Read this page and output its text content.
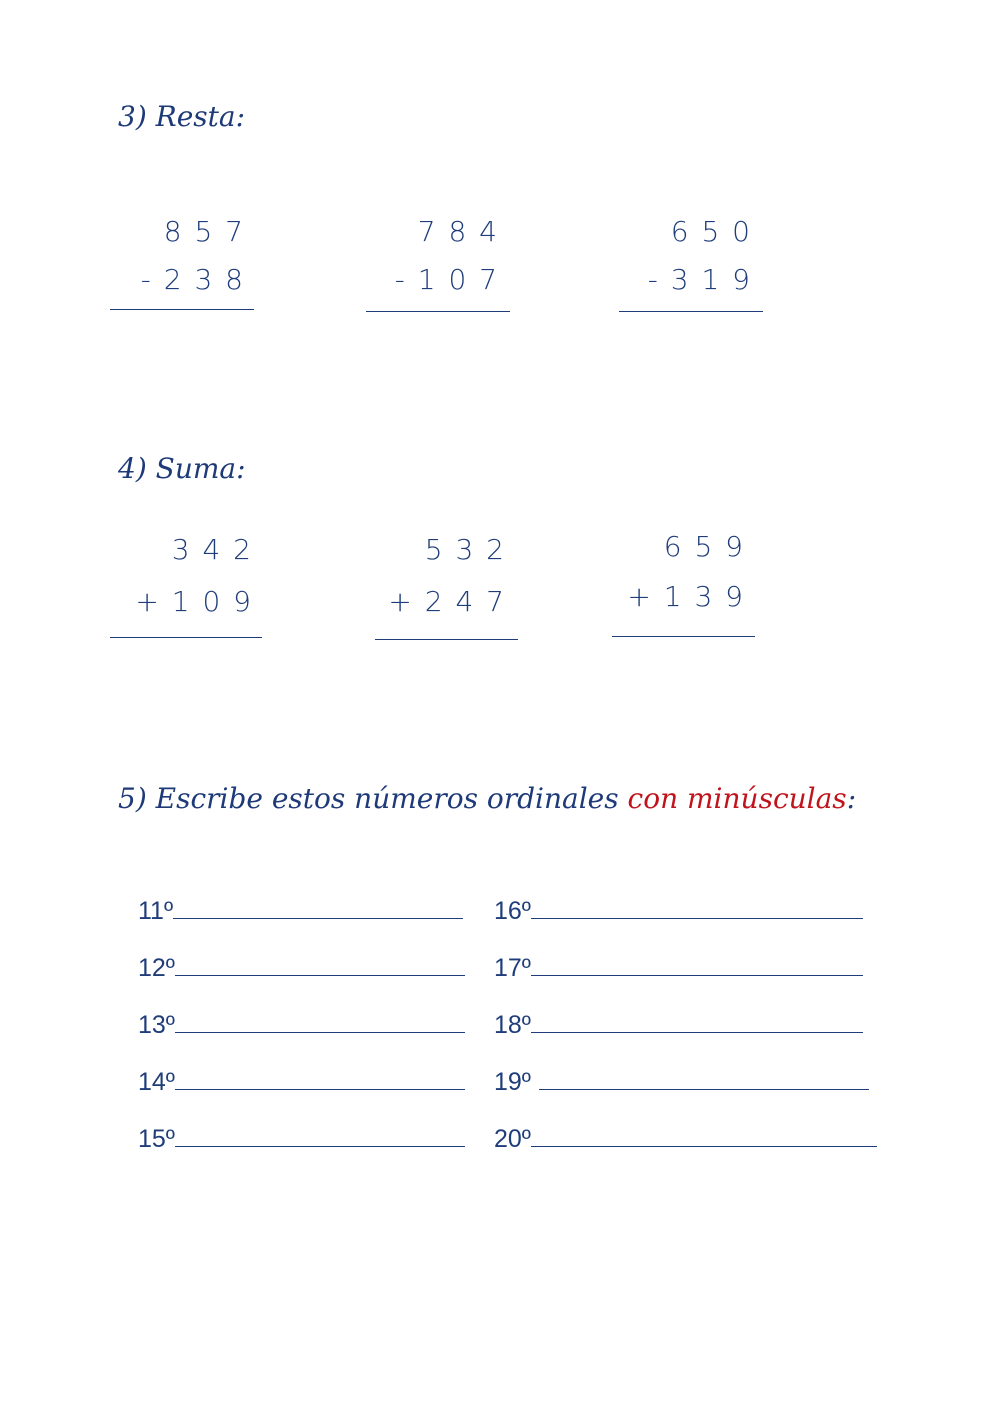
3) Resta:
8 5 7
- 2 3 8
7 8 4
- 1 0 7
6 5 0
- 3 1 9
4) Suma:
3 4 2
+ 1 0 9
5 3 2
+ 2 4 7
6 5 9
+ 1 3 9
5) Escribe estos números ordinales con minúsculas:
11º
12º
13º
14º
15º
16º
17º
18º
19º
20º
